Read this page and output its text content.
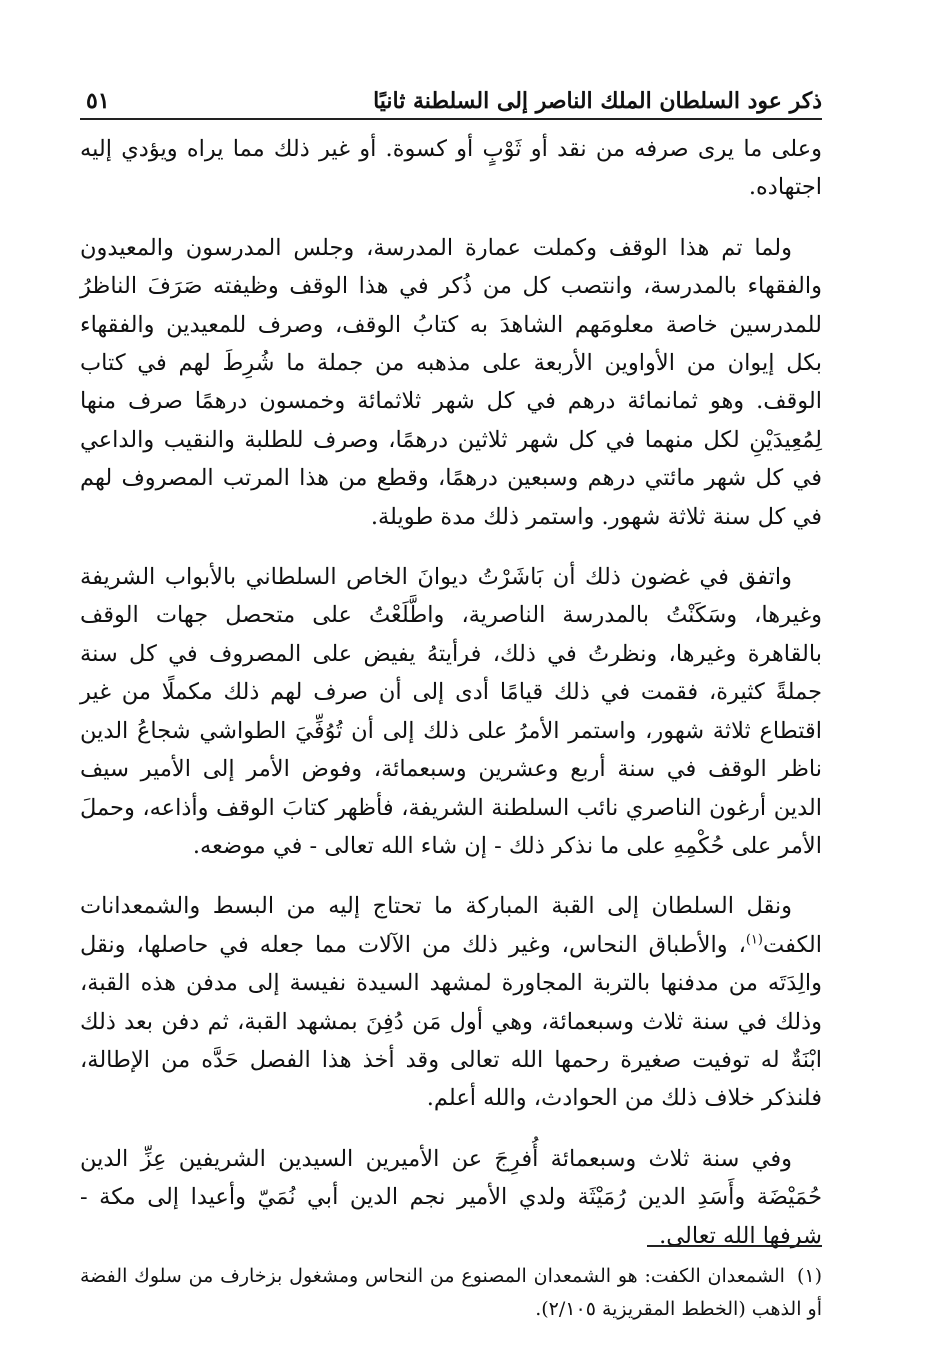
ذكر عود السلطان الملك الناصر إلى السلطنة ثانيًا
٥١

وعلى ما يرى صرفه من نقد أو ثَوْبٍ أو كسوة. أو غير ذلك مما يراه ويؤدي إليه اجتهاده.

ولما تم هذا الوقف وكملت عمارة المدرسة، وجلس المدرسون والمعيدون والفقهاء بالمدرسة، وانتصب كل من ذُكر في هذا الوقف وظيفته صَرَفَ الناظرُ للمدرسين خاصة معلومَهم الشاهدَ به كتابُ الوقف، وصرف للمعيدين والفقهاء بكل إيوان من الأواوين الأربعة على مذهبه من جملة ما شُرِطَ لهم في كتاب الوقف. وهو ثمانمائة درهم في كل شهر ثلاثمائة وخمسون درهمًا صرف منها لِمُعِيدَيْنِ لكل منهما في كل شهر ثلاثين درهمًا، وصرف للطلبة والنقيب والداعي في كل شهر مائتي درهم وسبعين درهمًا، وقطع من هذا المرتب المصروف لهم في كل سنة ثلاثة شهور. واستمر ذلك مدة طويلة.

واتفق في غضون ذلك أن بَاشَرْتُ ديوانَ الخاص السلطاني بالأبواب الشريفة وغيرها، وسَكَنْتُ بالمدرسة الناصرية، واطَّلَعْتُ على متحصل جهات الوقف بالقاهرة وغيرها، ونظرتُ في ذلك، فرأيتهُ يفيض على المصروف في كل سنة جملةً كثيرة، فقمت في ذلك قيامًا أدى إلى أن صرف لهم ذلك مكملًا من غير اقتطاع ثلاثة شهور، واستمر الأمرُ على ذلك إلى أن تُوُفِّيَ الطواشي شجاعُ الدين ناظر الوقف في سنة أربع وعشرين وسبعمائة، وفوض الأمر إلى الأمير سيف الدين أرغون الناصري نائب السلطنة الشريفة، فأظهر كتابَ الوقف وأذاعه، وحملَ الأمر على حُكْمِهِ على ما نذكر ذلك - إن شاء الله تعالى - في موضعه.

ونقل السلطان إلى القبة المباركة ما تحتاج إليه من البسط والشمعدانات الكفت$^{(١)}$، والأطباق النحاس، وغير ذلك من الآلات مما جعله في حاصلها، ونقل والِدَتَه من مدفنها بالتربة المجاورة لمشهد السيدة نفيسة إلى مدفن هذه القبة، وذلك في سنة ثلاث وسبعمائة، وهي أول مَن دُفِنَ بمشهد القبة، ثم دفن بعد ذلك ابْنَةٌ له توفيت صغيرة رحمها الله تعالى وقد أخذ هذا الفصل حَدَّه من الإطالة، فلنذكر خلاف ذلك من الحوادث، والله أعلم.

وفي سنة ثلاث وسبعمائة أُفرِجَ عن الأميرين السيدين الشريفين عِزِّ الدين حُمَيْضَة وأَسَدِ الدين رُمَيْثَة ولدي الأمير نجم الدين أبي نُمَيّ وأعيدا إلى مكة - شرفها الله تعالى.

(١)الشمعدان الكفت: هو الشمعدان المصنوع من النحاس ومشغول بزخارف من سلوك الفضة أو الذهب (الخطط المقريزية ٢/١٠٥).
